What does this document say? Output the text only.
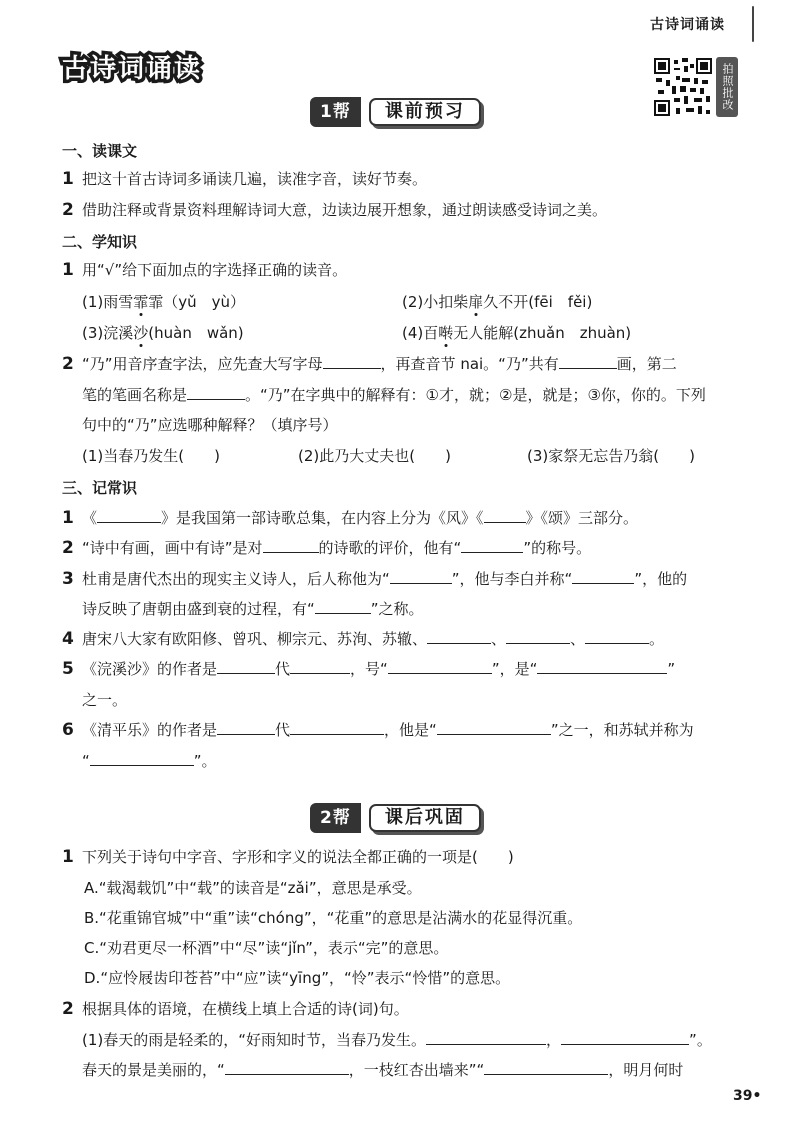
古诗词诵读
古诗词诵读	拍照批改
1帮	课前预习
一、读课文
1 把这十首古诗词多诵读几遍，读准字音，读好节奏。
2 借助注释或背景资料理解诗词大意，边读边展开想象，通过朗读感受诗词之美。
二、学知识
1 用“√”给下面加点的字选择正确的读音。
(1)雨雪霏霏（yǔ　yù）	(2)小扣柴扉久不开(fēi　fěi)
(3)浣溪沙(huàn　wǎn)	(4)百啭无人能解(zhuǎn　zhuàn)
2 “乃”用音序查字法，应先查大写字母	，再查音节 nai。“乃”共有	画，第二
笔的笔画名称是	。“乃”在字典中的解释有：①才，就；②是，就是；③你，你的。下列
句中的“乃”应选哪种解释？（填序号）
(1)当春乃发生(　　)	(2)此乃大丈夫也(　　)	(3)家祭无忘告乃翁(　　)
三、记常识
1 《	》是我国第一部诗歌总集，在内容上分为《风》《	》《颂》三部分。
2 “诗中有画，画中有诗”是对	的诗歌的评价，他有“	”的称号。
3 杜甫是唐代杰出的现实主义诗人，后人称他为“	”，他与李白并称“	”，他的
诗反映了唐朝由盛到衰的过程，有“	”之称。
4 唐宋八大家有欧阳修、曾巩、柳宗元、苏洵、苏辙、	、	、	。
5 《浣溪沙》的作者是	代	，号“	”，是“	”
之一。
6 《清平乐》的作者是	代	，他是“	”之一，和苏轼并称为
“	”。
2帮	课后巩固
1 下列关于诗句中字音、字形和字义的说法全都正确的一项是(　　)
A.“载渴载饥”中“载”的读音是“zǎi”，意思是承受。
B.“花重锦官城”中“重”读“chóng”，“花重”的意思是沾满水的花显得沉重。
C.“劝君更尽一杯酒”中“尽”读“jǐn”，表示“完”的意思。
D.“应怜屐齿印苍苔”中“应”读“yīng”，“怜”表示“怜惜”的意思。
2 根据具体的语境，在横线上填上合适的诗(词)句。
(1)春天的雨是轻柔的，“好雨知时节，当春乃发生。	，	”。
春天的景是美丽的，“	，一枝红杏出墙来”“	，明月何时
39•
